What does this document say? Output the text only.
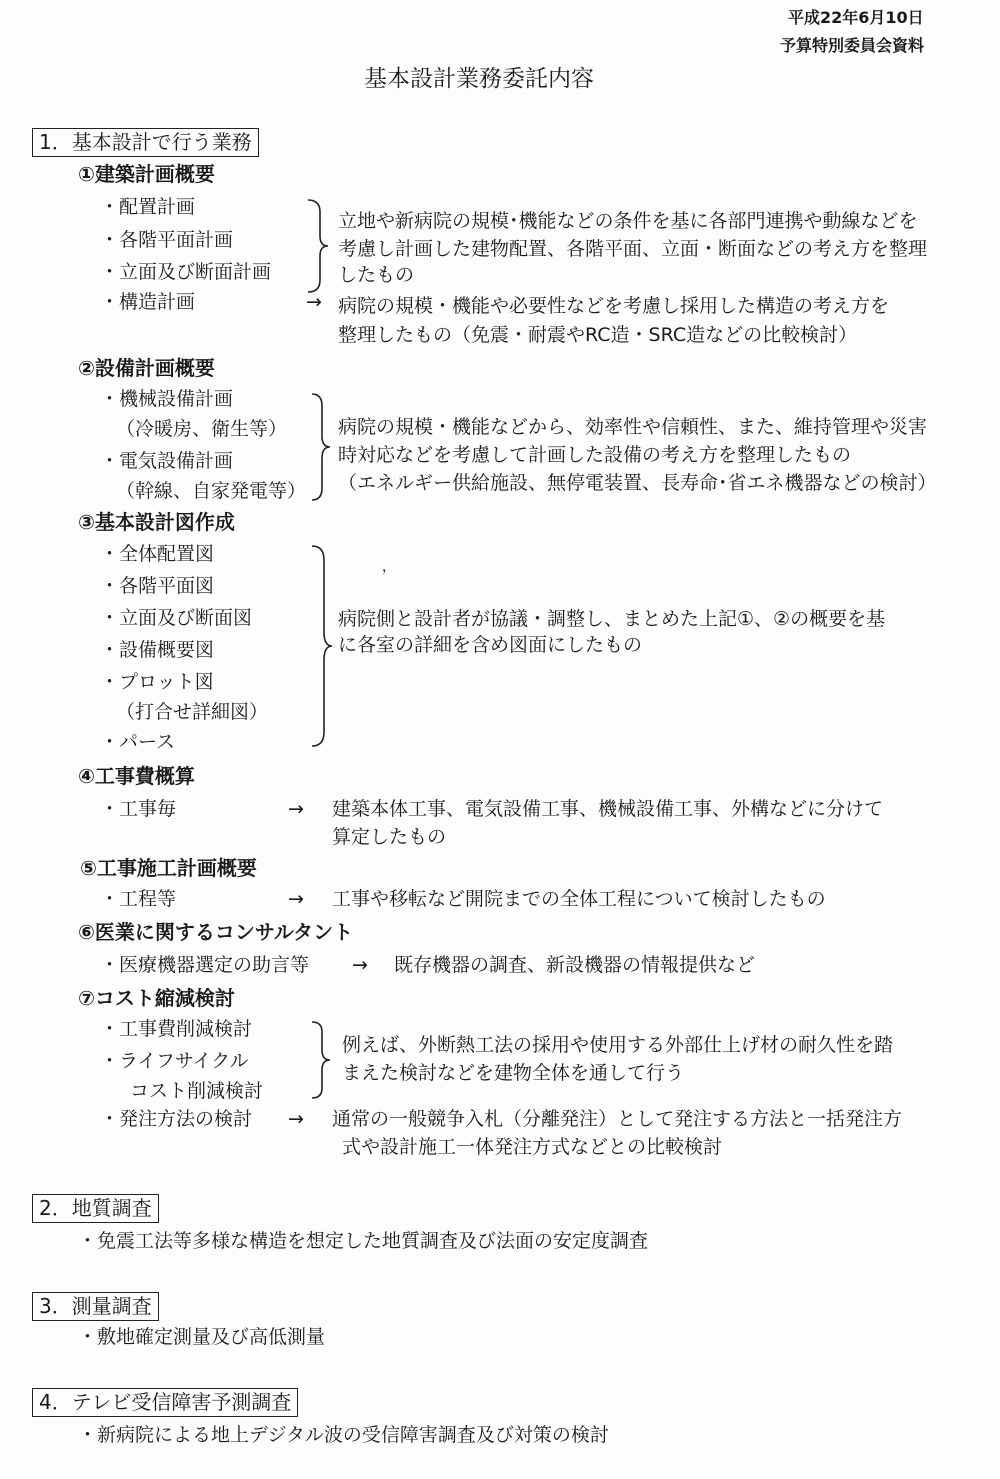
平成22年6月10日
予算特別委員会資料
基本設計業務委託内容
1．基本設計で行う業務
①建築計画概要
・配置計画
・各階平面計画
・立面及び断面計画
・構造計画
立地や新病院の規模･機能などの条件を基に各部門連携や動線などを
考慮し計画した建物配置、各階平面、立面・断面などの考え方を整理
したもの
→ 病院の規模・機能や必要性などを考慮し採用した構造の考え方を
整理したもの（免震・耐震やRC造・SRC造などの比較検討）
②設備計画概要
・機械設備計画
（冷暖房、衛生等）
・電気設備計画
（幹線、自家発電等）
病院の規模・機能などから、効率性や信頼性、また、維持管理や災害
時対応などを考慮して計画した設備の考え方を整理したもの
（エネルギー供給施設、無停電装置、長寿命･省エネ機器などの検討）
③基本設計図作成
・全体配置図
・各階平面図
・立面及び断面図
・設備概要図
・プロット図
（打合せ詳細図）
・パース
，
病院側と設計者が協議・調整し、まとめた上記①、②の概要を基
に各室の詳細を含め図面にしたもの
④工事費概算
・工事毎	→ 建築本体工事、電気設備工事、機械設備工事、外構などに分けて
算定したもの
⑤工事施工計画概要
・工程等	→ 工事や移転など開院までの全体工程について検討したもの
⑥医業に関するコンサルタント
・医療機器選定の助言等 → 既存機器の調査、新設機器の情報提供など
⑦コスト縮減検討
・工事費削減検討
・ライフサイクル
コスト削減検討
例えば、外断熱工法の採用や使用する外部仕上げ材の耐久性を踏
まえた検討などを建物全体を通して行う
・発注方法の検討 → 通常の一般競争入札（分離発注）として発注する方法と一括発注方
式や設計施工一体発注方式などとの比較検討
2．地質調査
・免震工法等多様な構造を想定した地質調査及び法面の安定度調査
3．測量調査
・敷地確定測量及び高低測量
4．テレビ受信障害予測調査
・新病院による地上デジタル波の受信障害調査及び対策の検討
